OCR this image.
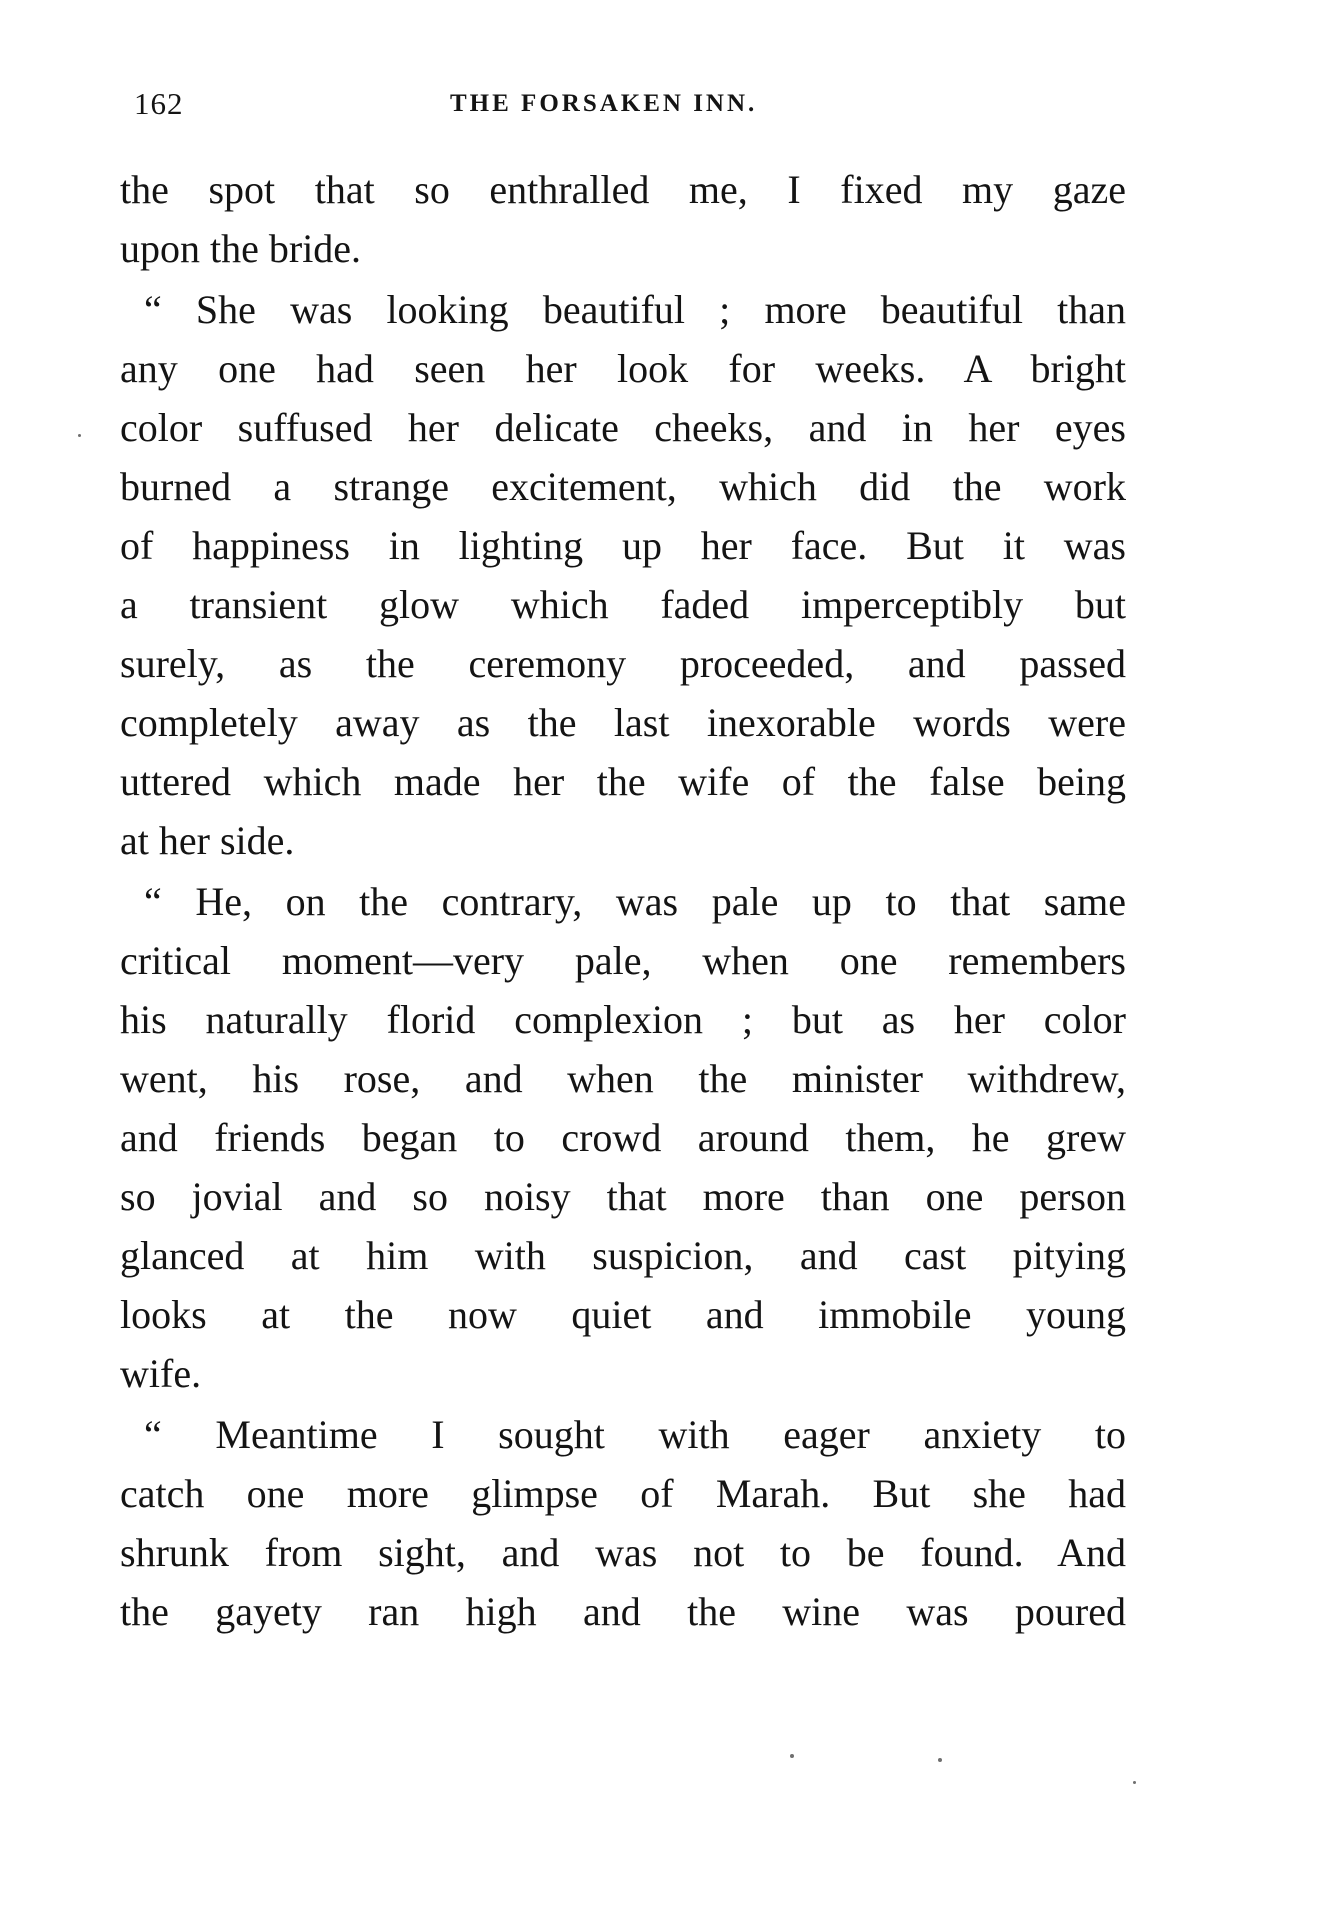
162	THE FORSAKEN INN.
the spot that so enthralled me, I fixed my gaze
upon the bride.
“ She was looking beautiful ; more beautiful than
any one had seen her look for weeks. A bright
color suffused her delicate cheeks, and in her eyes
burned a strange excitement, which did the work
of happiness in lighting up her face. But it was
a transient glow which faded imperceptibly but
surely, as the ceremony proceeded, and passed
completely away as the last inexorable words were
uttered which made her the wife of the false being
at her side.
“ He, on the contrary, was pale up to that same
critical moment—very pale, when one remembers
his naturally florid complexion ; but as her color
went, his rose, and when the minister withdrew,
and friends began to crowd around them, he grew
so jovial and so noisy that more than one person
glanced at him with suspicion, and cast pitying
looks at the now quiet and immobile young
wife.
“ Meantime I sought with eager anxiety to
catch one more glimpse of Marah. But she had
shrunk from sight, and was not to be found. And
the gayety ran high and the wine was poured
